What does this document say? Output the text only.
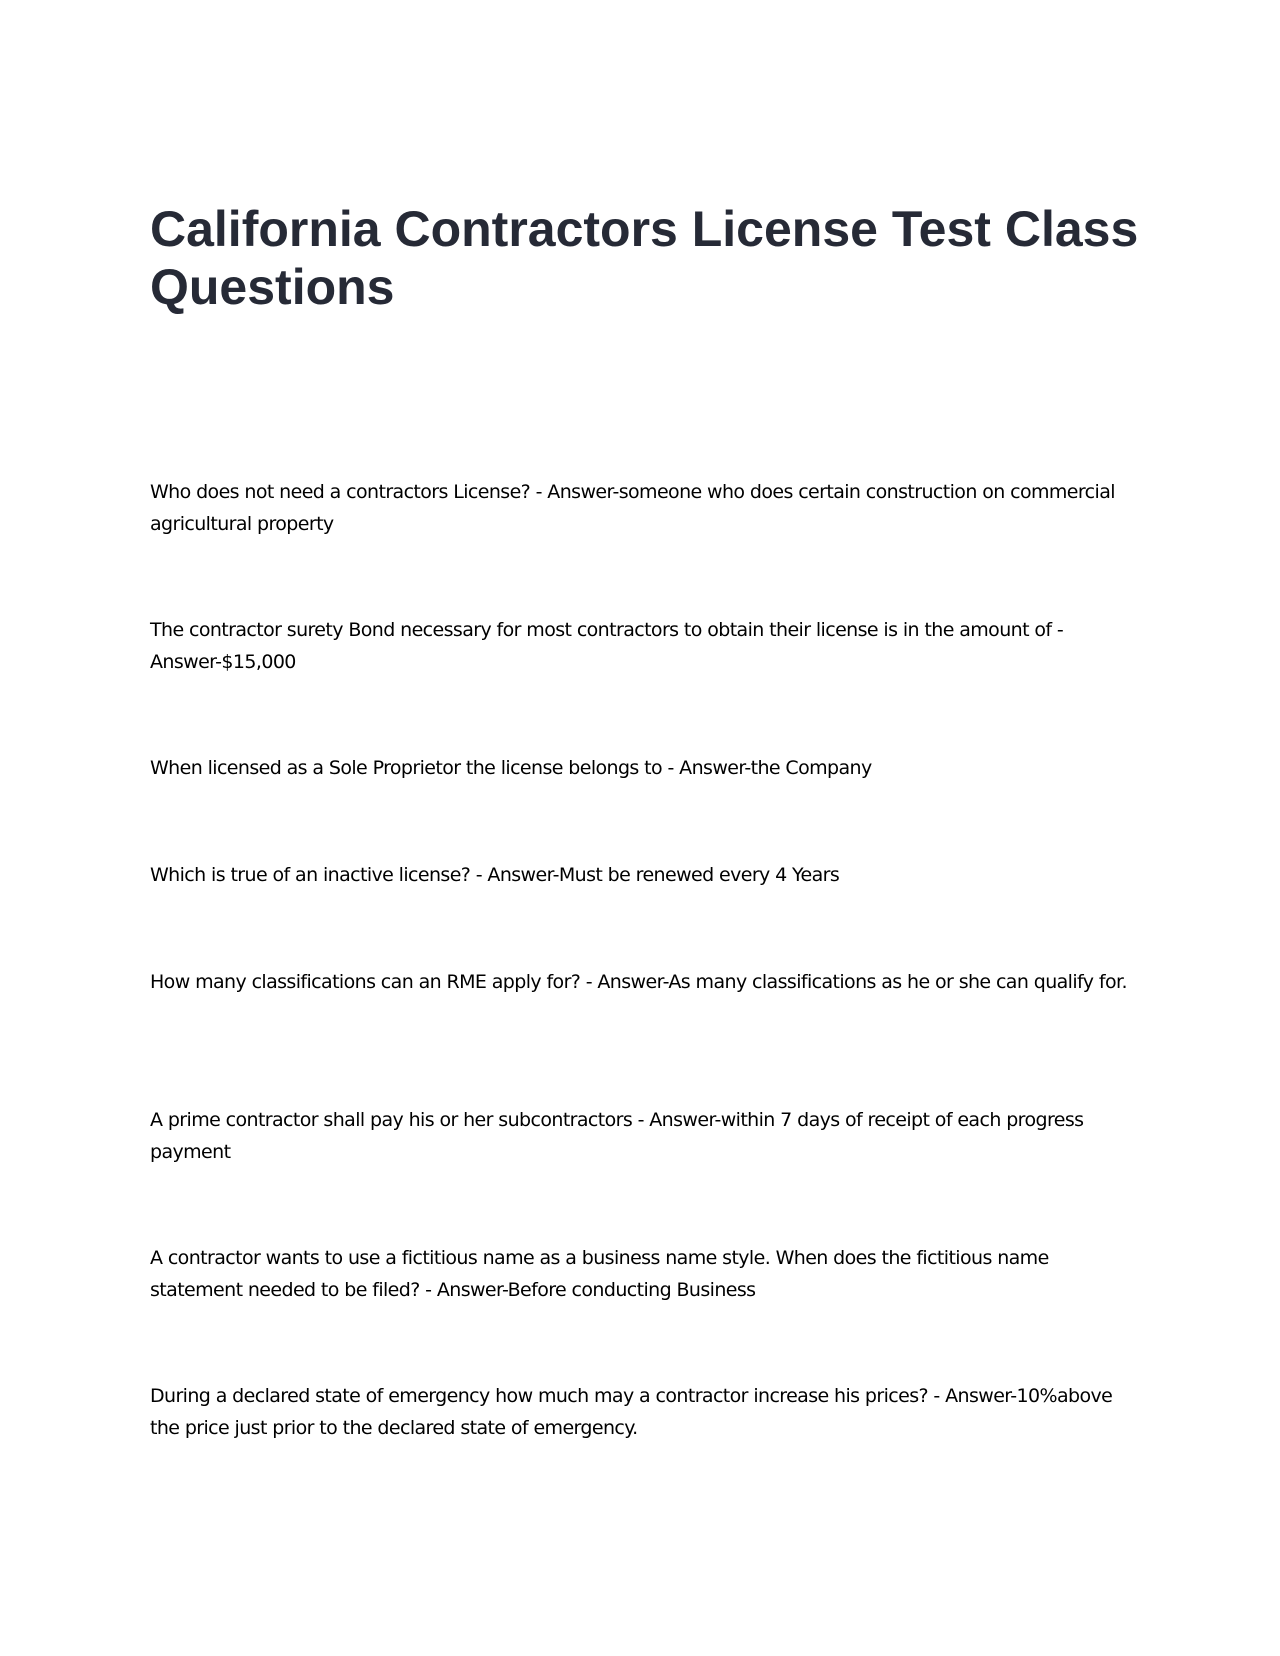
California Contractors License Test Class Questions

Who does not need a contractors License? - Answer-someone who does certain construction on commercial agricultural property

The contractor surety Bond necessary for most contractors to obtain their license is in the amount of - Answer-$15,000

When licensed as a Sole Proprietor the license belongs to - Answer-the Company

Which is true of an inactive license? - Answer-Must be renewed every 4 Years

How many classifications can an RME apply for? - Answer-As many classifications as he or she can qualify for.

A prime contractor shall pay his or her subcontractors - Answer-within 7 days of receipt of each progress payment

A contractor wants to use a fictitious name as a business name style. When does the fictitious name statement needed to be filed? - Answer-Before conducting Business

During a declared state of emergency how much may a contractor increase his prices? - Answer-10%above the price just prior to the declared state of emergency.
